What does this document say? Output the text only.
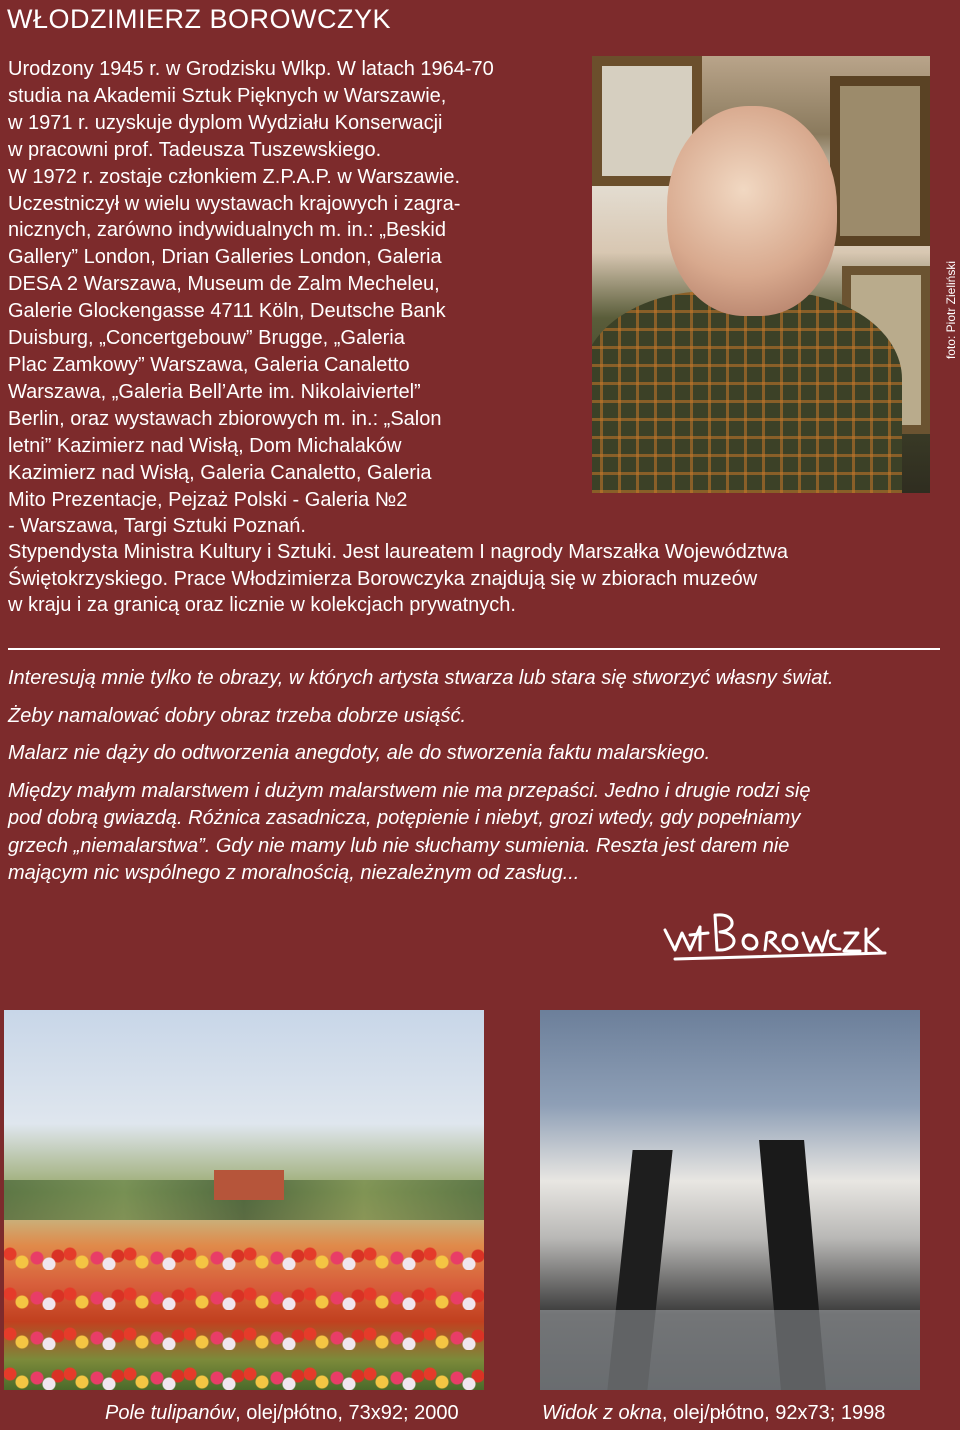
WŁODZIMIERZ BOROWCZYK
Urodzony 1945 r. w Grodzisku Wlkp. W latach 1964-70
studia na Akademii Sztuk Pięknych w Warszawie,
w 1971 r. uzyskuje dyplom Wydziału Konserwacji
w pracowni prof. Tadeusza Tuszewskiego.
W 1972 r. zostaje członkiem Z.P.A.P. w Warszawie.
Uczestniczył w wielu wystawach krajowych i zagra-
nicznych, zarówno indywidualnych m. in.: „Beskid
Gallery” London, Drian Galleries London, Galeria
DESA 2 Warszawa, Museum de Zalm Mecheleu,
Galerie Glockengasse 4711 Köln, Deutsche Bank
Duisburg, „Concertgebouw” Brugge, „Galeria
Plac Zamkowy” Warszawa, Galeria Canaletto
Warszawa, „Galeria Bell’Arte im. Nikolaiviertel”
Berlin, oraz wystawach zbiorowych m. in.: „Salon
letni” Kazimierz nad Wisłą, Dom Michalaków
Kazimierz nad Wisłą, Galeria Canaletto, Galeria
Mito Prezentacje, Pejzaż Polski - Galeria №2
- Warszawa, Targi Sztuki Poznań.
foto: Piotr Zieliński
Stypendysta Ministra Kultury i Sztuki. Jest laureatem I nagrody Marszałka Województwa
Świętokrzyskiego. Prace Włodzimierza Borowczyka znajdują się w zbiorach muzeów
w kraju i za granicą oraz licznie w kolekcjach prywatnych.

Interesują mnie tylko te obrazy, w których artysta stwarza lub stara się stworzyć własny świat.

Żeby namalować dobry obraz trzeba dobrze usiąść.

Malarz nie dąży do odtworzenia anegdoty, ale do stworzenia faktu malarskiego.

Między małym malarstwem i dużym malarstwem nie ma przepaści. Jedno i drugie rodzi się
pod dobrą gwiazdą. Różnica zasadnicza, potępienie i niebyt, grozi wtedy, gdy popełniamy
grzech „niemalarstwa”. Gdy nie mamy lub nie słuchamy sumienia. Reszta jest darem nie
mającym nic wspólnego z moralnością, niezależnym od zasług...

Pole tulipanów, olej/płótno, 73x92; 2000	Widok z okna, olej/płótno, 92x73; 1998
